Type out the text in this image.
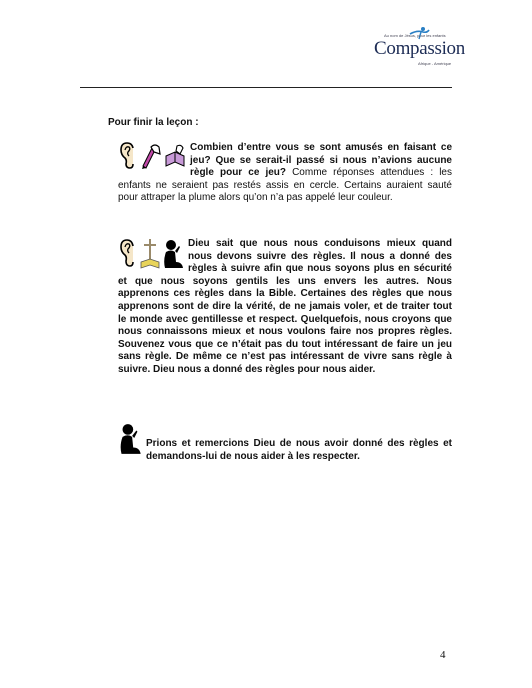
Au nom de Jésus, pour les enfants
Compassion
Afrique - Amérique
Pour finir la leçon :
Combien d’entre vous se sont amusés en faisant ce jeu? Que se serait-il passé si nous n’avions aucune règle pour ce jeu? Comme réponses attendues : les enfants ne seraient pas restés assis en cercle. Certains auraient sauté pour attraper la plume alors qu’on n’a pas appelé leur couleur.
Dieu sait que nous nous conduisons mieux quand nous devons suivre des règles. Il nous a donné des règles à suivre afin que nous soyons plus en sécurité et que nous soyons gentils les uns envers les autres. Nous apprenons ces règles dans la Bible. Certaines des règles que nous apprenons sont de dire la vérité, de ne jamais voler, et de traiter tout le monde avec gentillesse et respect. Quelquefois, nous croyons que nous connaissons mieux et nous voulons faire nos propres règles. Souvenez vous que ce n’était pas du tout intéressant de faire un jeu sans règle. De même ce n’est pas intéressant de vivre sans règle à suivre. Dieu nous a donné des règles pour nous aider.
Prions et remercions Dieu de nous avoir donné des règles et demandons-lui de nous aider à les respecter.
4
